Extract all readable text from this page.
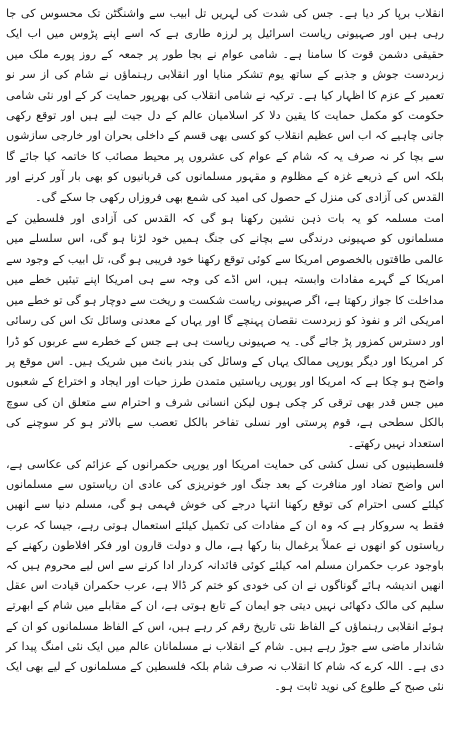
انقلاب برپا کر دیا ہے۔ جس کی شدت کی لہریں تل ابیب سے واشنگٹن تک محسوس کی جا رہی ہیں اور صہیونی ریاست اسرائیل پر لرزہ طاری ہے کہ اسے اپنے پڑوس میں اب ایک حقیقی دشمن قوت کا سامنا ہے۔ شامی عوام نے بجا طور پر جمعہ کے روز پورے ملک میں زبردست جوش و جذبے کے ساتھ یوم تشکر منایا اور انقلابی رہنماؤں نے شام کی از سر نو تعمیر کے عزم کا اظہار کیا ہے۔ ترکیہ نے شامی انقلاب کی بھرپور حمایت کر کے اور نئی شامی حکومت کو مکمل حمایت کا یقین دلا کر اسلامیان عالم کے دل جیت لیے ہیں اور توقع رکھی جانی چاہیے کہ اب اس عظیم انقلاب کو کسی بھی قسم کے داخلی بحران اور خارجی سازشوں سے بچا کر نہ صرف یہ کہ شام کے عوام کی عشروں پر محیط مصائب کا خاتمہ کیا جائے گا بلکہ اس کے ذریعے غزہ کے مظلوم و مقہور مسلمانوں کی قربانیوں کو بھی بار آور کرنے اور القدس کی آزادی کی منزل کے حصول کی امید کی شمع بھی فروزاں رکھی جا سکے گی۔

امت مسلمہ کو یہ بات ذہن نشین رکھنا ہو گی کہ القدس کی آزادی اور فلسطین کے مسلمانوں کو صہیونی درندگی سے بچانے کی جنگ ہمیں خود لڑنا ہو گی، اس سلسلے میں عالمی طاقتوں بالخصوص امریکا سے کوئی توقع رکھنا خود فریبی ہو گی، تل ابیب کے وجود سے امریکا کے گہرے مفادات وابستہ ہیں، اس اڈے کی وجہ سے ہی امریکا اپنے تیئیں خطے میں مداخلت کا جواز رکھتا ہے، اگر صہیونی ریاست شکست و ریخت سے دوچار ہو گی تو خطے میں امریکی اثر و نفوذ کو زبردست نقصان پہنچے گا اور یہاں کے معدنی وسائل تک اس کی رسائی اور دسترس کمزور پڑ جائے گی۔ یہ صہیونی ریاست ہی ہے جس کے خطرے سے عربوں کو ڈرا کر امریکا اور دیگر یورپی ممالک یہاں کے وسائل کی بندر بانٹ میں شریک ہیں۔ اس موقع پر واضح ہو چکا ہے کہ امریکا اور یورپی ریاستیں متمدن طرز حیات اور ایجاد و اختراع کے شعبوں میں جس قدر بھی ترقی کر چکی ہوں لیکن انسانی شرف و احترام سے متعلق ان کی سوچ بالکل سطحی ہے، قوم پرستی اور نسلی تفاخر بالکل تعصب سے بالاتر ہو کر سوچنے کی استعداد نہیں رکھتے۔

فلسطینیوں کی نسل کشی کی حمایت امریکا اور یورپی حکمرانوں کے عزائم کی عکاسی ہے، اس واضح تضاد اور منافرت کے بعد جنگ اور خونریزی کی عادی ان ریاستوں سے مسلمانوں کیلئے کسی احترام کی توقع رکھنا انتہا درجے کی خوش فہمی ہو گی، مسلم دنیا سے انھیں فقط یہ سروکار ہے کہ وہ ان کے مفادات کی تکمیل کیلئے استعمال ہوتی رہے، جیسا کہ عرب ریاستوں کو انھوں نے عملاً یرغمال بنا رکھا ہے، مال و دولت قارون اور فکر افلاطون رکھنے کے باوجود عرب حکمران مسلم امہ کیلئے کوئی قائدانہ کردار ادا کرنے سے اس لیے محروم ہیں کہ انھیں اندیشہ ہائے گوناگوں نے ان کی خودی کو ختم کر ڈالا ہے، عرب حکمران قیادت اس عقل سلیم کی مالک دکھائی نہیں دیتی جو ایمان کے تابع ہوتی ہے، ان کے مقابلے میں شام کے ابھرتے ہوئے انقلابی رہنماؤں کے الفاظ نئی تاریخ رقم کر رہے ہیں، اس کے الفاظ مسلمانوں کو ان کے شاندار ماضی سے جوڑ رہے ہیں۔ شام کے انقلاب نے مسلمانان عالم میں ایک نئی امنگ پیدا کر دی ہے۔ اللہ کرے کہ شام کا انقلاب نہ صرف شام بلکہ فلسطین کے مسلمانوں کے لیے بھی ایک نئی صبح کے طلوع کی نوید ثابت ہو۔
